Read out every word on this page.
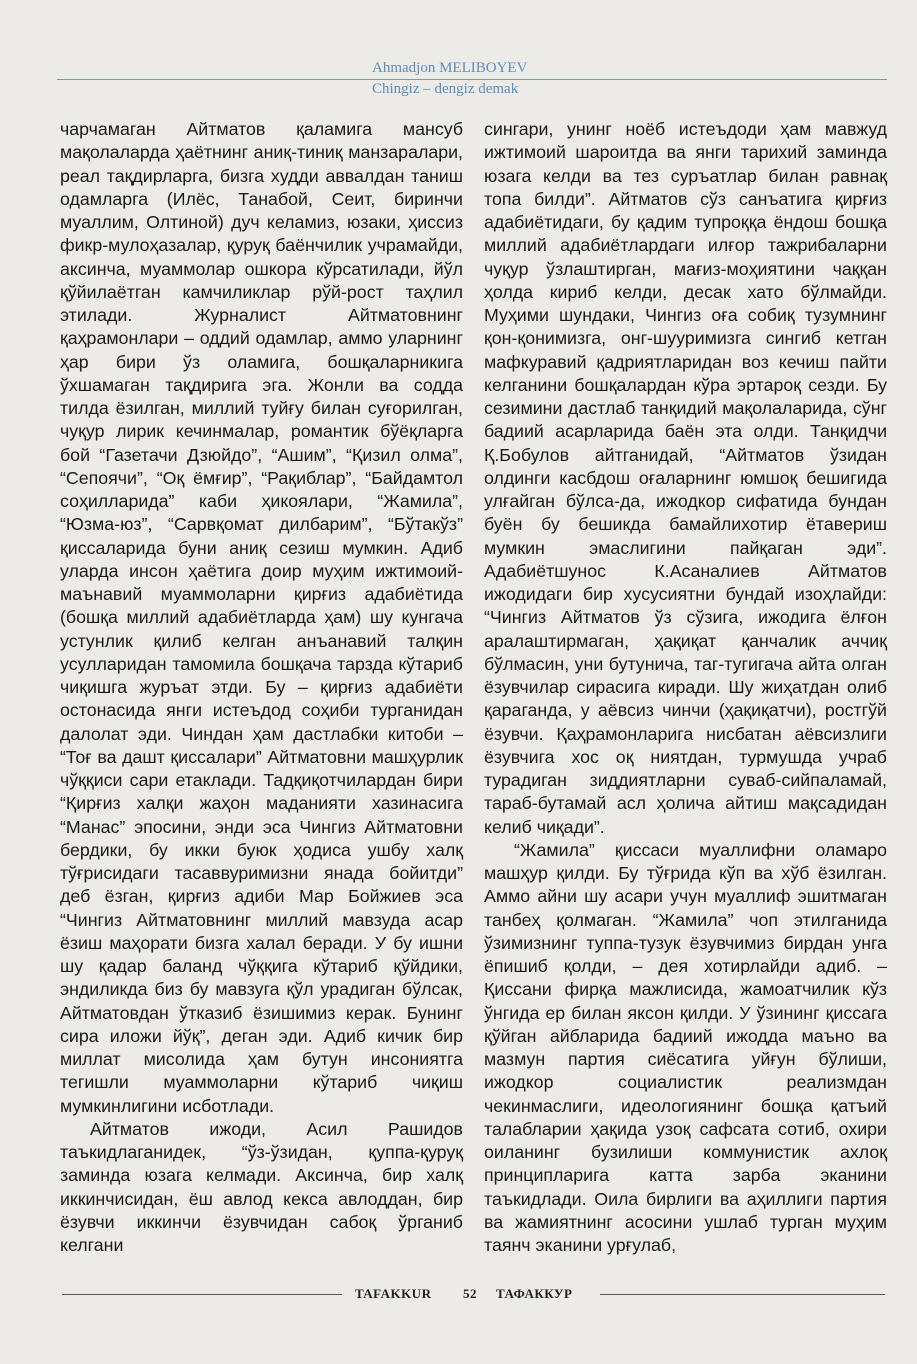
Ahmadjon MELIBOYEV
Chingiz – dengiz demak

чарчамаган Айтматов қаламига мансуб мақолаларда ҳаётнинг аниқ-тиниқ манзаралари, реал тақдирларга, бизга худди аввалдан таниш одамларга (Илёс, Танабой, Сеит, биринчи муаллим, Олтиной) дуч келамиз, юзаки, ҳиссиз фикр-мулоҳазалар, қуруқ баёнчилик учрамайди, аксинча, муаммолар ошкора кўрсатилади, йўл қўйилаётган камчиликлар рўй-рост таҳлил этилади. Журналист Айтматовнинг қаҳрамонлари – оддий одамлар, аммо уларнинг ҳар бири ўз оламига, бошқаларникига ўхшамаган тақдирига эга. Жонли ва содда тилда ёзилган, миллий туйғу билан суғорилган, чуқур лирик кечинмалар, романтик бўёқларга бой “Газетачи Дзюйдо”, “Ашим”, “Қизил олма”, “Сепоячи”, “Оқ ёмғир”, “Рақиблар”, “Байдамтол соҳилларида” каби ҳикоялари, “Жамила”, “Юзма-юз”, “Сарвқомат дилбарим”, “Бўтакўз” қиссаларида буни аниқ сезиш мумкин. Адиб уларда инсон ҳаётига доир муҳим ижтимоий-маънавий муаммоларни қирғиз адабиётида (бошқа миллий адабиётларда ҳам) шу кунгача устунлик қилиб келган анъанавий талқин усулларидан тамомила бошқача тарзда кўтариб чиқишга журъат этди. Бу – қирғиз адабиёти остонасида янги истеъдод соҳиби турганидан далолат эди. Чиндан ҳам дастлабки китоби – “Тоғ ва дашт қиссалари” Айтматовни машҳурлик чўққиси сари етаклади. Тадқиқотчилардан бири “Қирғиз халқи жаҳон маданияти хазинасига “Манас” эпосини, энди эса Чингиз Айтматовни бердики, бу икки буюк ҳодиса ушбу халқ тўғрисидаги тасаввуримизни янада бойитди” деб ёзган, қирғиз адиби Мар Бойжиев эса “Чингиз Айтматовнинг миллий мавзуда асар ёзиш маҳорати бизга халал беради. У бу ишни шу қадар баланд чўққига кўтариб қўйдики, эндиликда биз бу мавзуга қўл урадиган бўлсак, Айтматовдан ўтказиб ёзишимиз керак. Бунинг сира иложи йўқ”, деган эди. Адиб кичик бир миллат мисолида ҳам бутун инсониятга тегишли муаммоларни кўтариб чиқиш мумкинлигини исботлади.

Айтматов ижоди, Асил Рашидов таъкидлаганидек, “ўз-ўзидан, қуппа-қуруқ заминда юзага келмади. Аксинча, бир халқ иккинчисидан, ёш авлод кекса авлоддан, бир ёзувчи иккинчи ёзувчидан сабоқ ўрганиб келгани

сингари, унинг ноёб истеъдоди ҳам мавжуд ижтимоий шароитда ва янги тарихий заминда юзага келди ва тез суръатлар билан равнақ топа билди”. Айтматов сўз санъатига қирғиз адабиётидаги, бу қадим тупроққа ёндош бошқа миллий адабиётлардаги илғор тажрибаларни чуқур ўзлаштирган, мағиз-моҳиятини чаққан ҳолда кириб келди, десак хато бўлмайди. Муҳими шундаки, Чингиз оға собиқ тузумнинг қон-қонимизга, онг-шууримизга сингиб кетган мафкуравий қадриятларидан воз кечиш пайти келганини бошқалардан кўра эртароқ сезди. Бу сезимини дастлаб танқидий мақолаларида, сўнг бадиий асарларида баён эта олди. Танқидчи Қ.Бобулов айтганидай, “Айтматов ўзидан олдинги касбдош оғаларнинг юмшоқ бешигида улғайган бўлса-да, ижодкор сифатида бундан буён бу бешикда бамайлихотир ётавериш мумкин эмаслигини пайқаган эди”. Адабиётшунос К.Асаналиев Айтматов ижодидаги бир хусусиятни бундай изоҳлайди: “Чингиз Айтматов ўз сўзига, ижодига ёлғон аралаштирмаган, ҳақиқат қанчалик аччиқ бўлмасин, уни бутунича, таг-тугигача айта олган ёзувчилар сирасига киради. Шу жиҳатдан олиб қараганда, у аёвсиз чинчи (ҳақиқатчи), ростгўй ёзувчи. Қаҳрамонларига нисбатан аёвсизлиги ёзувчига хос оқ ниятдан, турмушда учраб турадиган зиддиятларни сувaб-сийпаламай, тараб-бутамай асл ҳолича айтиш мақсадидан келиб чиқади”.

“Жамила” қиссаси муаллифни оламаро машҳур қилди. Бу тўғрида кўп ва хўб ёзилган. Аммо айни шу асари учун муаллиф эшитмаган танбеҳ қолмаган. “Жамила” чоп этилганида ўзимизнинг туппа-тузук ёзувчимиз бирдан унга ёпишиб қолди, – дея хотирлайди адиб. – Қиссани фирқа мажлисида, жамоатчилик кўз ўнгида ер билан яксон қилди. У ўзининг қиссага қўйган айбларида бадиий ижодда маъно ва мазмун партия сиёсатига уйғун бўлиши, ижодкор социалистик реализмдан чекинмаслиги, идеологиянинг бошқа қатъий талабларии ҳақида узоқ сафсата сотиб, охири оиланинг бузилиши коммунистик ахлоқ принципларига катта зарба эканини таъкидлади. Оила бирлиги ва аҳиллиги партия ва жамиятнинг асосини ушлаб турган муҳим таянч эканини урғулаб,

TAFAKKUR 52 ТАФАККУР
